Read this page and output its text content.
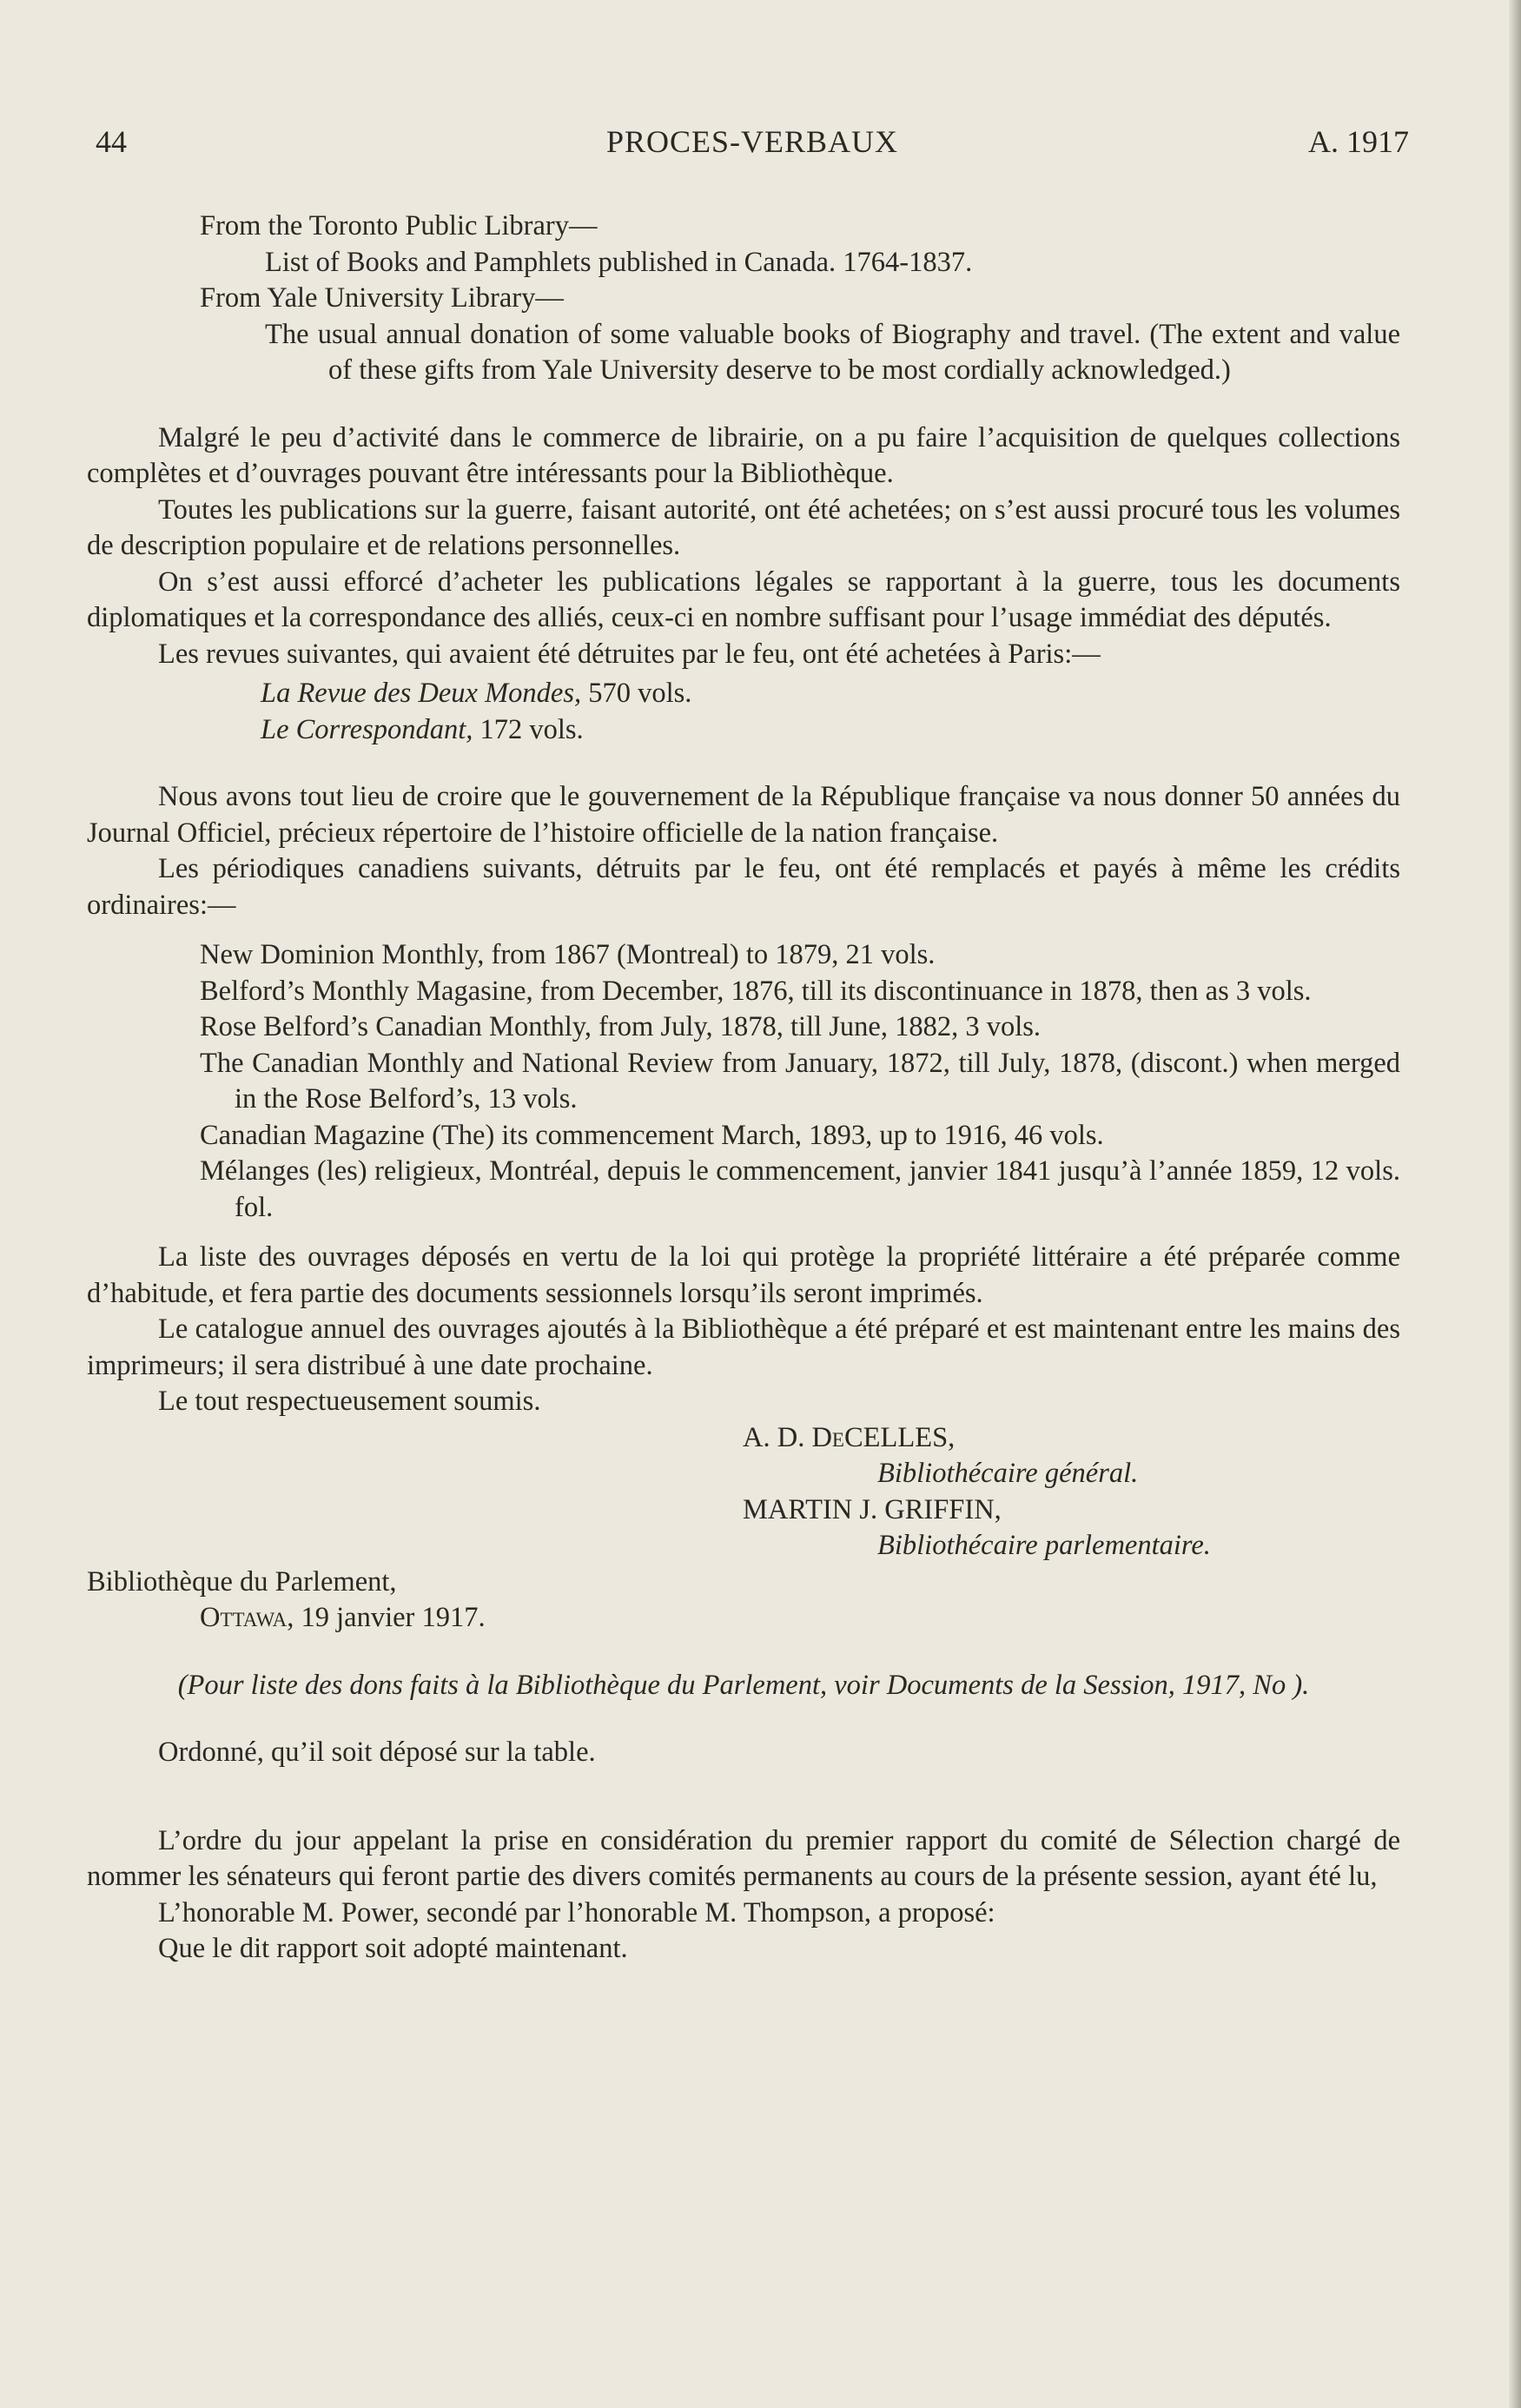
44	PROCES-VERBAUX	A. 1917

From the Toronto Public Library—

List of Books and Pamphlets published in Canada. 1764-1837.

From Yale University Library—

The usual annual donation of some valuable books of Biography and travel. (The extent and value of these gifts from Yale University deserve to be most cordially acknowledged.)

Malgré le peu d’activité dans le commerce de librairie, on a pu faire l’acquisition de quelques collections complètes et d’ouvrages pouvant être intéressants pour la Bibliothèque.

Toutes les publications sur la guerre, faisant autorité, ont été achetées; on s’est aussi procuré tous les volumes de description populaire et de relations personnelles.

On s’est aussi efforcé d’acheter les publications légales se rapportant à la guerre, tous les documents diplomatiques et la correspondance des alliés, ceux-ci en nombre suffisant pour l’usage immédiat des députés.

Les revues suivantes, qui avaient été détruites par le feu, ont été achetées à Paris:—

La Revue des Deux Mondes, 570 vols.

Le Correspondant, 172 vols.

Nous avons tout lieu de croire que le gouvernement de la République française va nous donner 50 années du Journal Officiel, précieux répertoire de l’histoire officielle de la nation française.

Les périodiques canadiens suivants, détruits par le feu, ont été remplacés et payés à même les crédits ordinaires:—

New Dominion Monthly, from 1867 (Montreal) to 1879, 21 vols.

Belford’s Monthly Magasine, from December, 1876, till its discontinuance in 1878, then as 3 vols.

Rose Belford’s Canadian Monthly, from July, 1878, till June, 1882, 3 vols.

The Canadian Monthly and National Review from January, 1872, till July, 1878, (discont.) when merged in the Rose Belford’s, 13 vols.

Canadian Magazine (The) its commencement March, 1893, up to 1916, 46 vols.

Mélanges (les) religieux, Montréal, depuis le commencement, janvier 1841 jusqu’à l’année 1859, 12 vols. fol.

La liste des ouvrages déposés en vertu de la loi qui protège la propriété littéraire a été préparée comme d’habitude, et fera partie des documents sessionnels lorsqu’ils seront imprimés.

Le catalogue annuel des ouvrages ajoutés à la Bibliothèque a été préparé et est maintenant entre les mains des imprimeurs; il sera distribué à une date prochaine.

Le tout respectueusement soumis.

A. D. DeCELLES,

Bibliothécaire général.

MARTIN J. GRIFFIN,

Bibliothécaire parlementaire.

Bibliothèque du Parlement,

Ottawa, 19 janvier 1917.

(Pour liste des dons faits à la Bibliothèque du Parlement, voir Documents de la Session, 1917, No ).

Ordonné, qu’il soit déposé sur la table.

L’ordre du jour appelant la prise en considération du premier rapport du comité de Sélection chargé de nommer les sénateurs qui feront partie des divers comités permanents au cours de la présente session, ayant été lu,

L’honorable M. Power, secondé par l’honorable M. Thompson, a proposé:

Que le dit rapport soit adopté maintenant.
